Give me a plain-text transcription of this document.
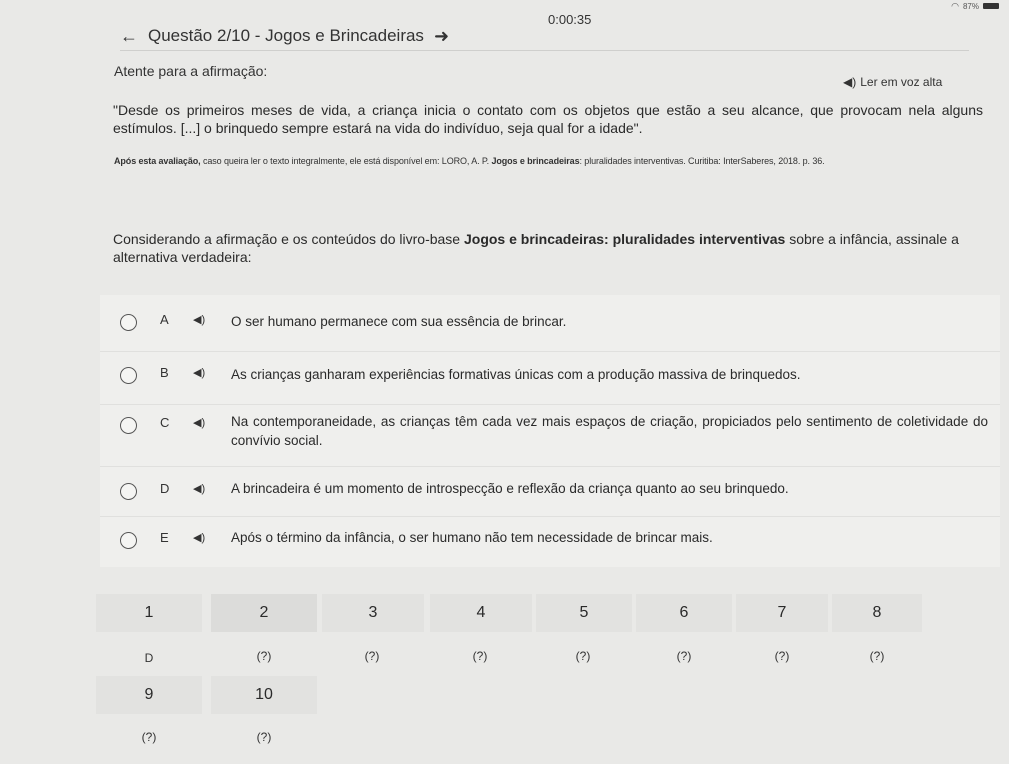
◠ 87%
0:00:35
← Questão 2/10 - Jogos e Brincadeiras ➜
Atente para a afirmação:
◀​) Ler em voz alta
"Desde os primeiros meses de vida, a criança inicia o contato com os objetos que estão a seu alcance, que provocam nela alguns estímulos. [...] o brinquedo sempre estará na vida do indivíduo, seja qual for a idade".
Após esta avaliação, caso queira ler o texto integralmente, ele está disponível em: LORO, A. P. Jogos e brincadeiras: pluralidades interventivas. Curitiba: InterSaberes, 2018. p. 36.
Considerando a afirmação e os conteúdos do livro-base Jogos e brincadeiras: pluralidades interventivas sobre a infância, assinale a alternativa verdadeira:
A ◀) O ser humano permanece com sua essência de brincar.
B ◀) As crianças ganharam experiências formativas únicas com a produção massiva de brinquedos.
C ◀) Na contemporaneidade, as crianças têm cada vez mais espaços de criação, propiciados pelo sentimento de coletividade do convívio social.
D ◀) A brincadeira é um momento de introspecção e reflexão da criança quanto ao seu brinquedo.
E ◀) Após o término da infância, o ser humano não tem necessidade de brincar mais.
1	2	3	4	5	6	7	8
D	(?)	(?)	(?)	(?)	(?)	(?)	(?)
9	10
(?)	(?)
